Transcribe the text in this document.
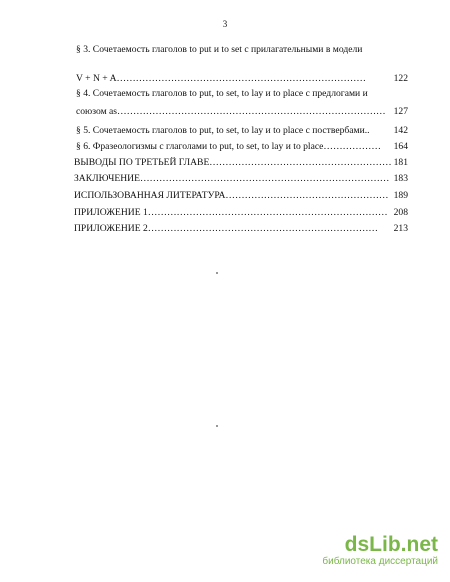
3
§ 3. Сочетаемость глаголов to put и to set с прилагательными в модели
V + N + A……………………………………………………………………	122
§ 4. Сочетаемость глаголов to put, to set, to lay и to place с предлогами и
союзом as………………………………………………………………………… 127
§ 5. Сочетаемость глаголов to put, to set, to lay и to place с поствербами..	142
§ 6. Фразеологизмы с глаголами to put, to set, to lay и to place………………	164
ВЫВОДЫ ПО ТРЕТЬЕЙ ГЛАВЕ………………………………………………… 181
ЗАКЛЮЧЕНИЕ…………………………………………………………………… 183
ИСПОЛЬЗОВАННАЯ ЛИТЕРАТУРА…………………………………………… 189
ПРИЛОЖЕНИЕ 1………………………………………………………………… 208
ПРИЛОЖЕНИЕ 2………………………………………………………………	213
dsLib.net
библиотека диссертаций
